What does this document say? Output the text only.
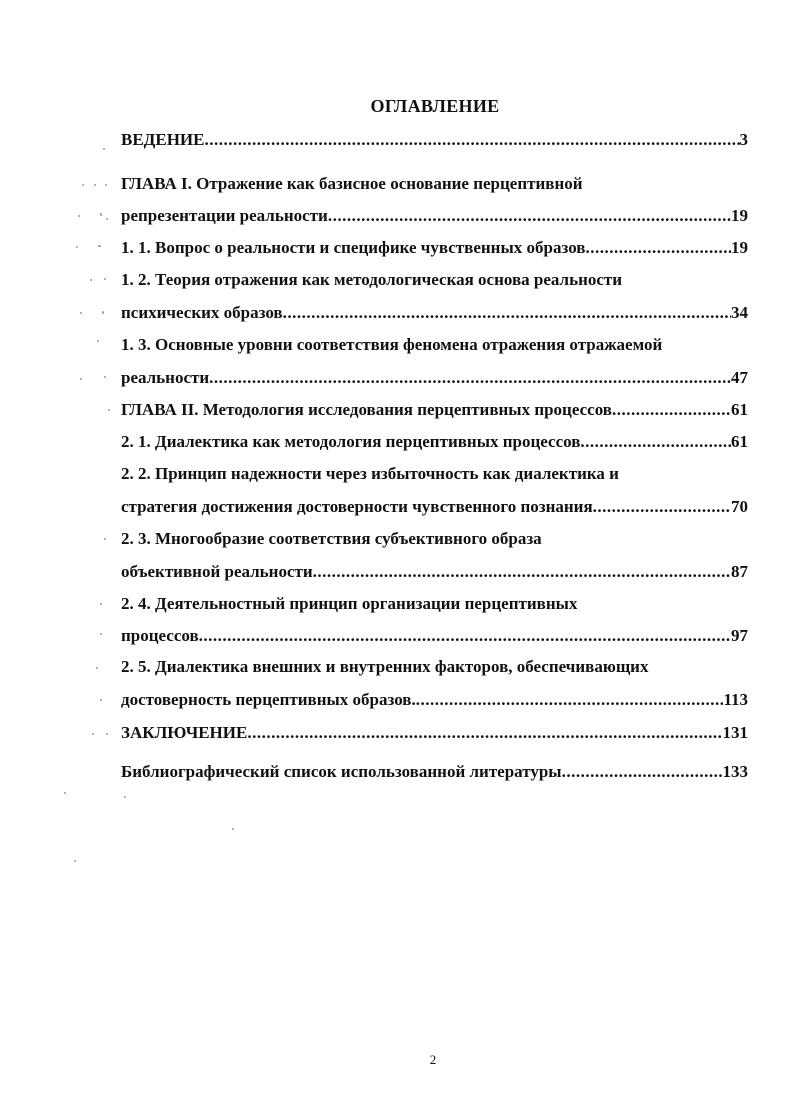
ОГЛАВЛЕНИЕ
ВЕДЕНИЕ .....	3
ГЛАВА I. Отражение как базисное основание перцептивной
репрезентации реальности .....	19
1. 1. Вопрос о реальности и специфике чувственных образов .....	19
1. 2. Теория отражения как методологическая основа реальности
психических образов .....	34
1. 3. Основные уровни соответствия феномена отражения отражаемой
реальности .....	47
ГЛАВА II. Методология исследования перцептивных процессов .....	61
2. 1. Диалектика как методология перцептивных процессов .....	61
2. 2. Принцип надежности через избыточность как диалектика и
стратегия достижения достоверности чувственного познания .....	70
2. 3. Многообразие соответствия субъективного образа
объективной реальности .....	87
2. 4. Деятельностный принцип организации перцептивных
процессов .....	97
2. 5. Диалектика внешних и внутренних факторов, обеспечивающих
достоверность перцептивных образов. .....	113
ЗАКЛЮЧЕНИЕ .....	131
Библиографический список использованной литературы .....	133
2
